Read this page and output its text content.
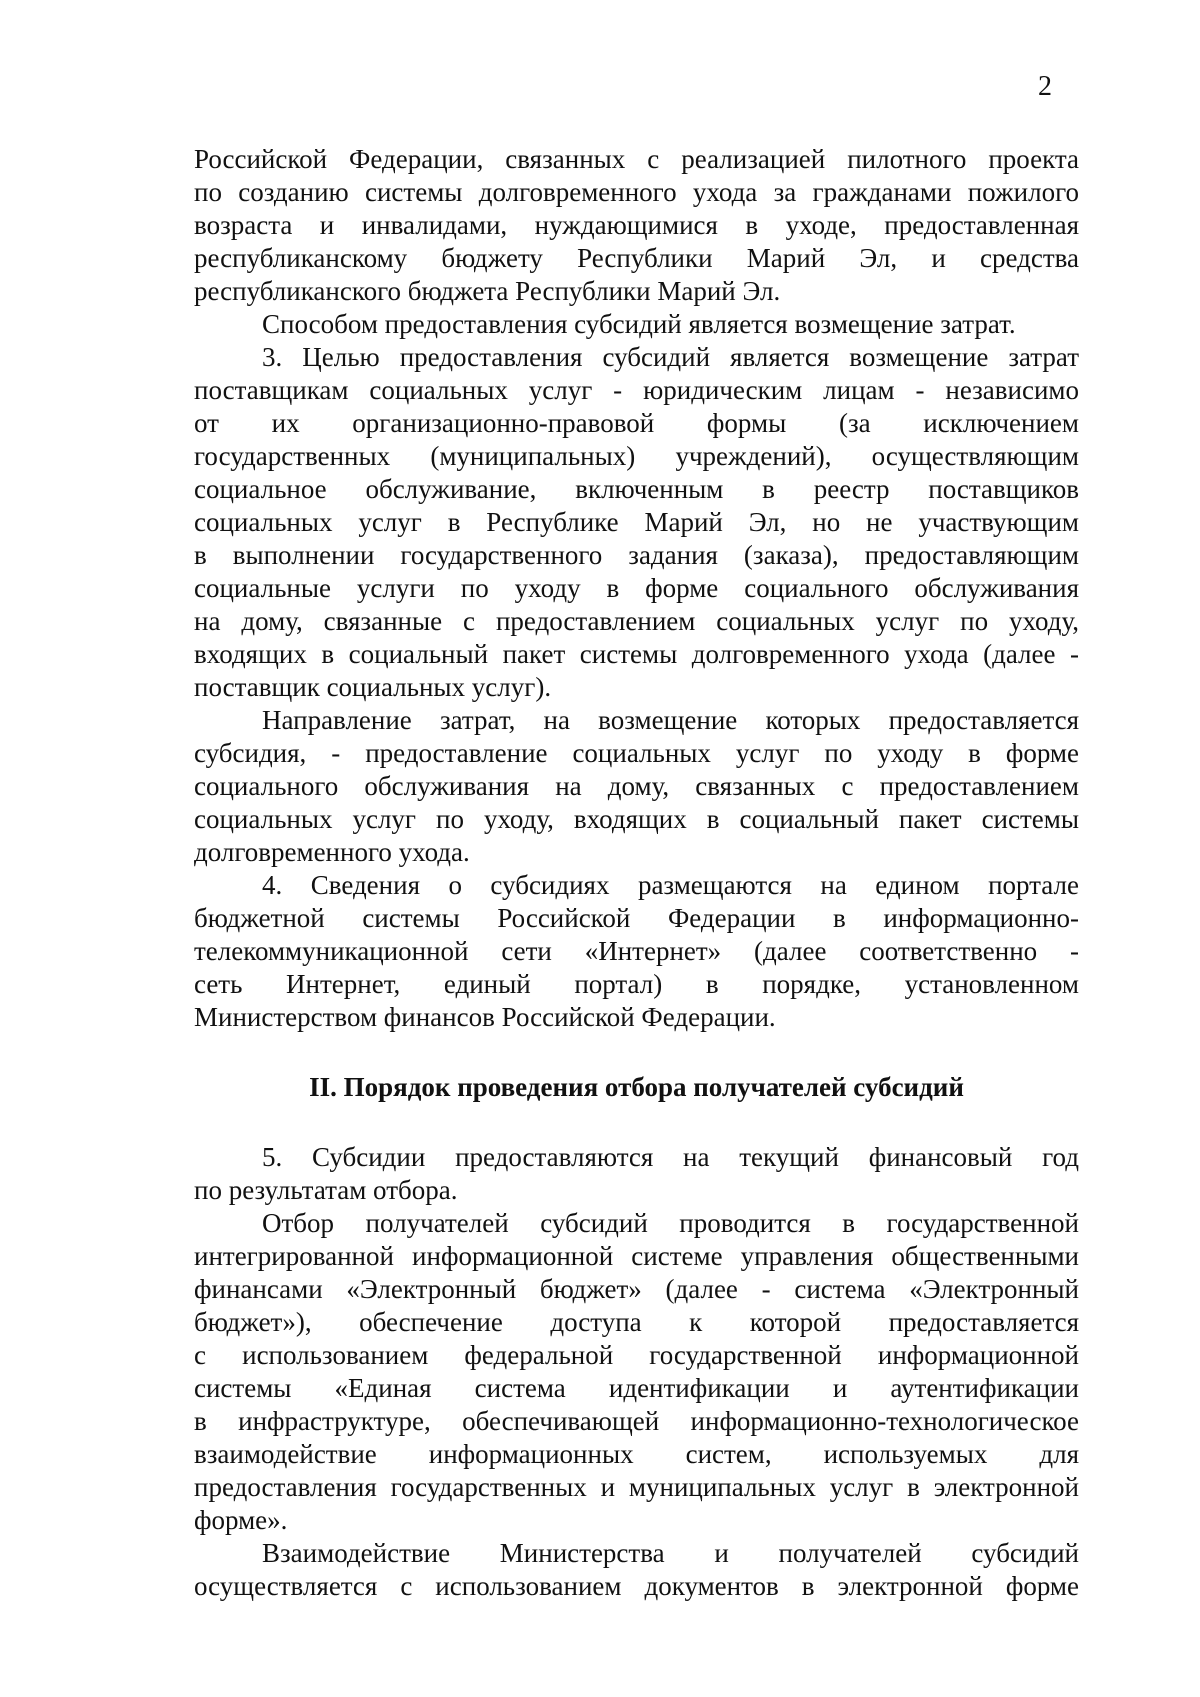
2
Российской Федерации, связанных с реализацией пилотного проекта
по созданию системы долговременного ухода за гражданами пожилого
возраста и инвалидами, нуждающимися в уходе, предоставленная
республиканскому бюджету Республики Марий Эл, и средства
республиканского бюджета Республики Марий Эл.
Способом предоставления субсидий является возмещение затрат.
3. Целью предоставления субсидий является возмещение затрат
поставщикам социальных услуг - юридическим лицам - независимо
от их организационно-правовой формы (за исключением
государственных (муниципальных) учреждений), осуществляющим
социальное обслуживание, включенным в реестр поставщиков
социальных услуг в Республике Марий Эл, но не участвующим
в выполнении государственного задания (заказа), предоставляющим
социальные услуги по уходу в форме социального обслуживания
на дому, связанные с предоставлением социальных услуг по уходу,
входящих в социальный пакет системы долговременного ухода (далее -
поставщик социальных услуг).
Направление затрат, на возмещение которых предоставляется
субсидия, - предоставление социальных услуг по уходу в форме
социального обслуживания на дому, связанных с предоставлением
социальных услуг по уходу, входящих в социальный пакет системы
долговременного ухода.
4. Сведения о субсидиях размещаются на едином портале
бюджетной системы Российской Федерации в информационно-
телекоммуникационной сети «Интернет» (далее соответственно -
сеть Интернет, единый портал) в порядке, установленном
Министерством финансов Российской Федерации.
II. Порядок проведения отбора получателей субсидий
5. Субсидии предоставляются на текущий финансовый год
по результатам отбора.
Отбор получателей субсидий проводится в государственной
интегрированной информационной системе управления общественными
финансами «Электронный бюджет» (далее - система «Электронный
бюджет»), обеспечение доступа к которой предоставляется
с использованием федеральной государственной информационной
системы «Единая система идентификации и аутентификации
в инфраструктуре, обеспечивающей информационно-технологическое
взаимодействие информационных систем, используемых для
предоставления государственных и муниципальных услуг в электронной
форме».
Взаимодействие Министерства и получателей субсидий
осуществляется с использованием документов в электронной форме
